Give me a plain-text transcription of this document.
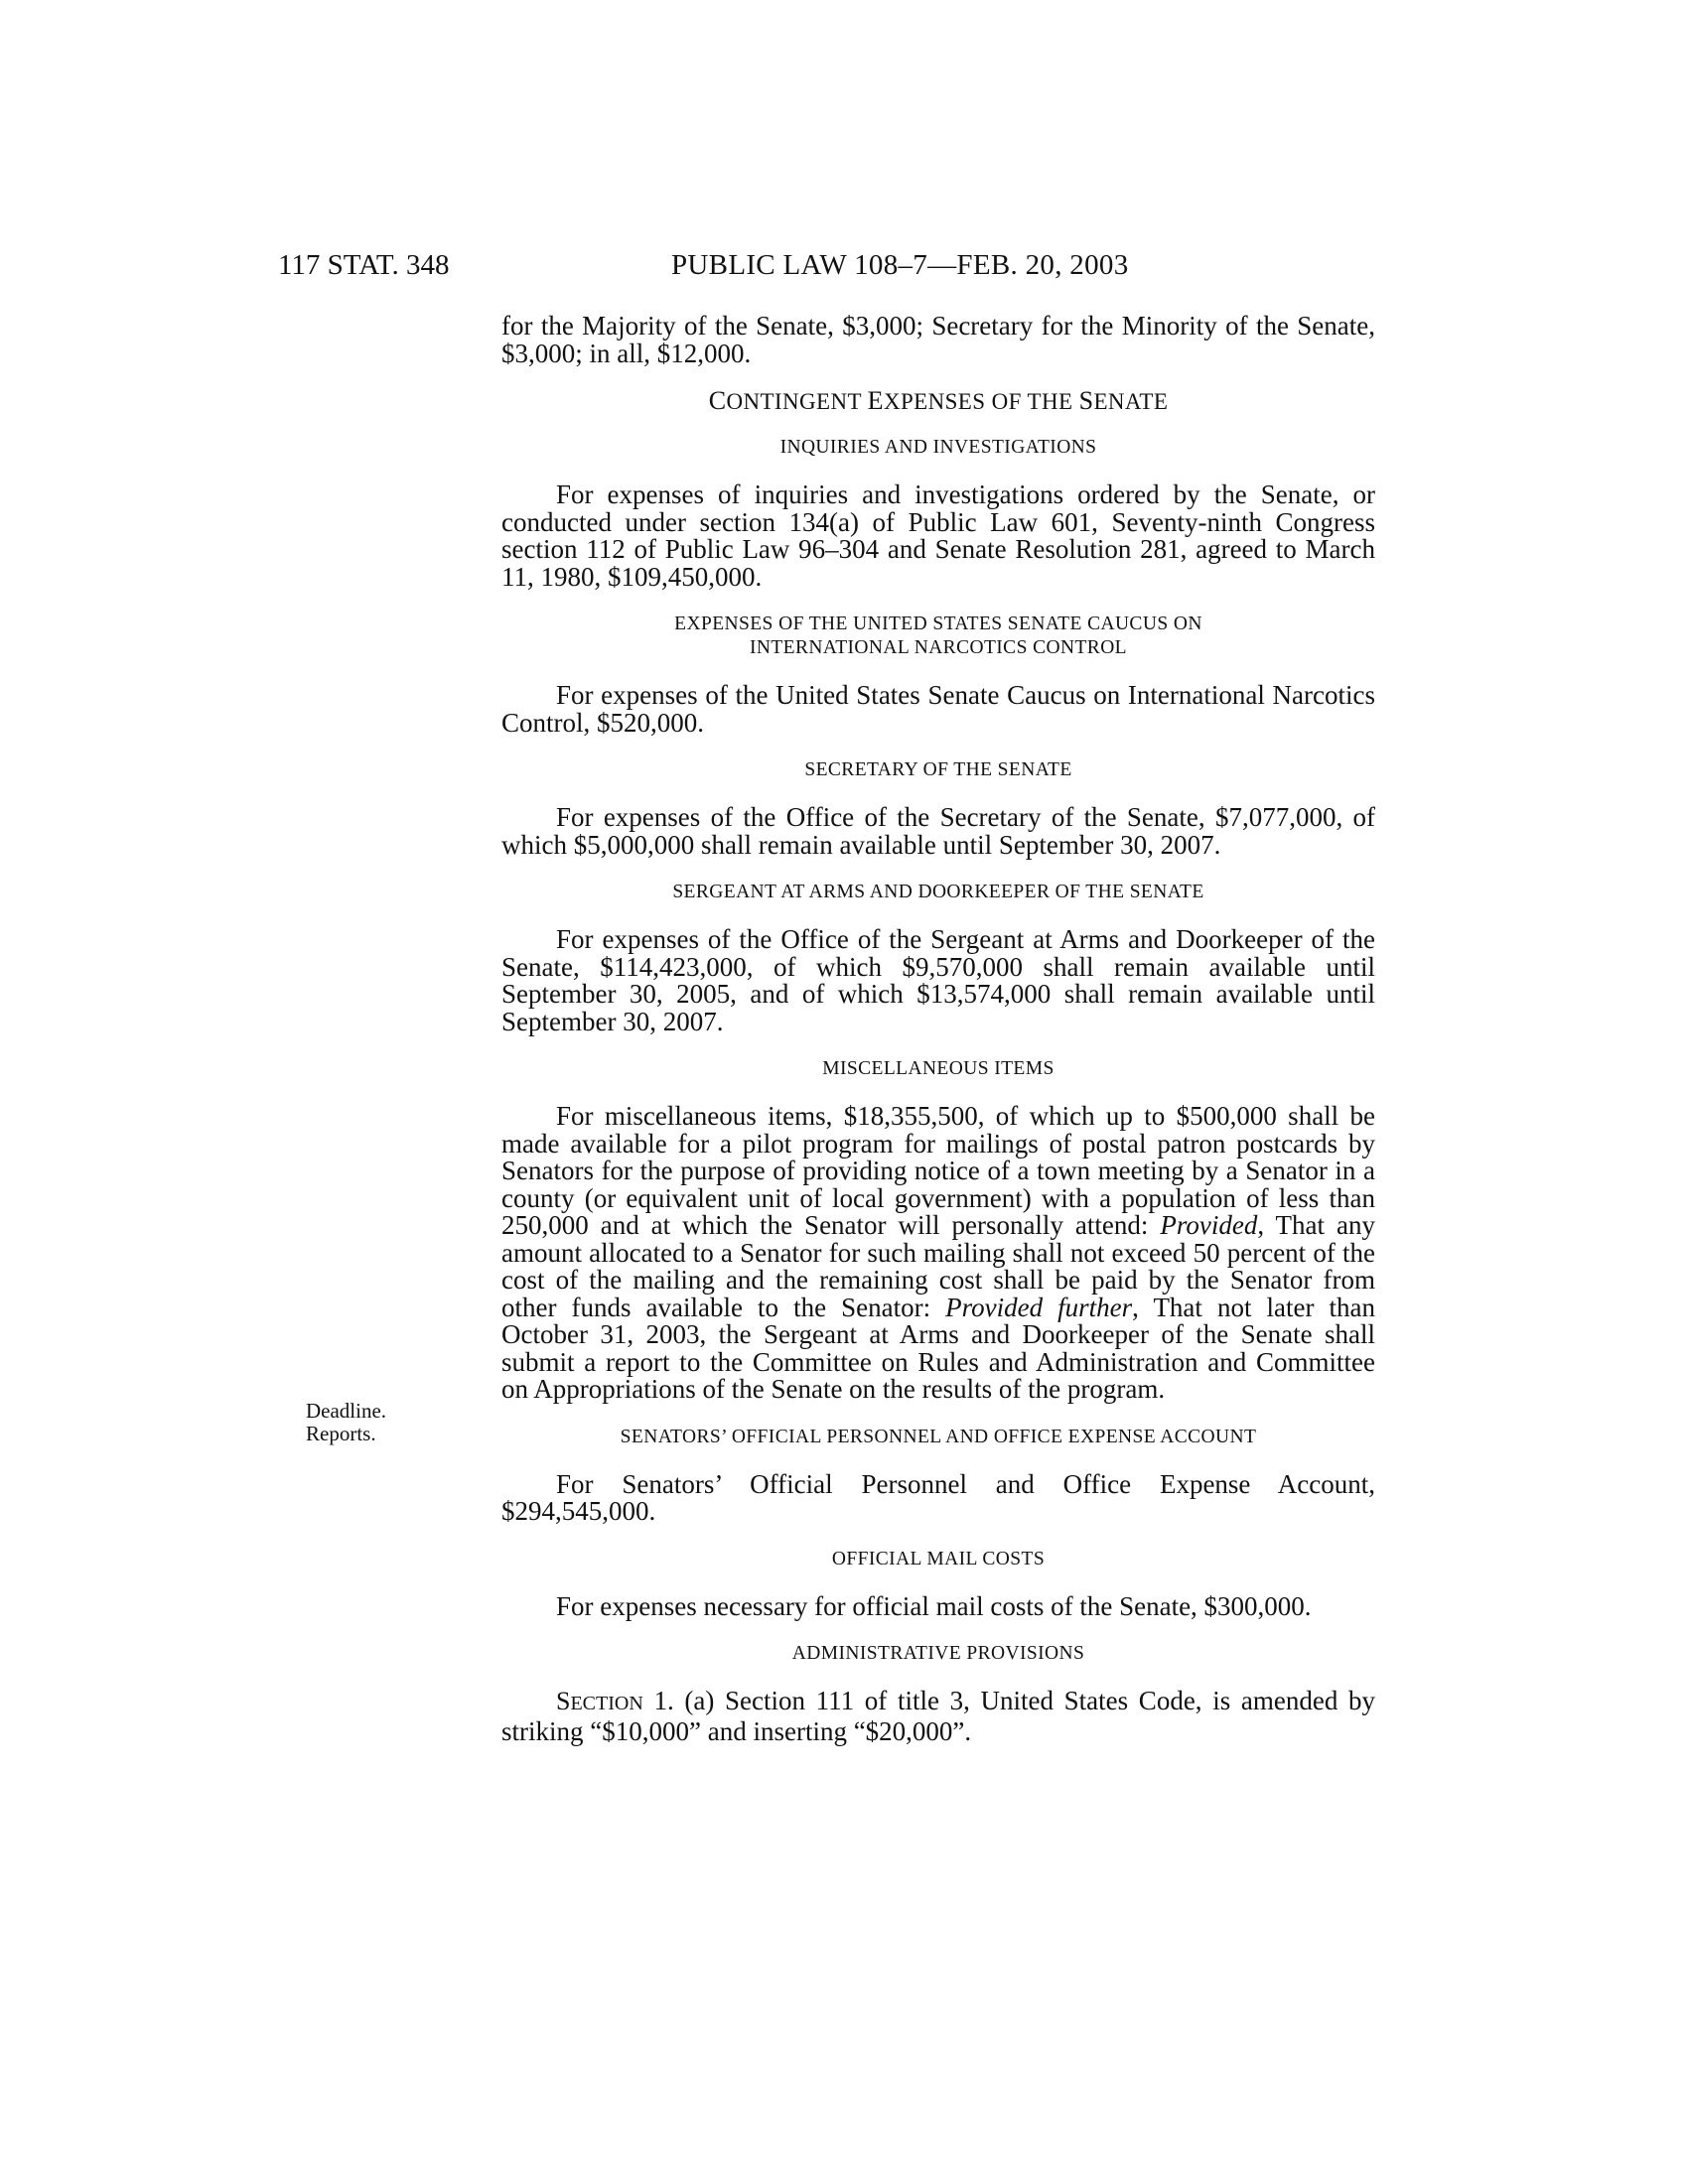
117 STAT. 348	PUBLIC LAW 108–7—FEB. 20, 2003

for the Majority of the Senate, $3,000; Secretary for the Minority of the Senate, $3,000; in all, $12,000.

CONTINGENT EXPENSES OF THE SENATE
INQUIRIES AND INVESTIGATIONS

For expenses of inquiries and investigations ordered by the Senate, or conducted under section 134(a) of Public Law 601, Seventy-ninth Congress section 112 of Public Law 96–304 and Senate Resolution 281, agreed to March 11, 1980, $109,450,000.

EXPENSES OF THE UNITED STATES SENATE CAUCUS ON
INTERNATIONAL NARCOTICS CONTROL

For expenses of the United States Senate Caucus on International Narcotics Control, $520,000.

SECRETARY OF THE SENATE

For expenses of the Office of the Secretary of the Senate, $7,077,000, of which $5,000,000 shall remain available until September 30, 2007.

SERGEANT AT ARMS AND DOORKEEPER OF THE SENATE

For expenses of the Office of the Sergeant at Arms and Doorkeeper of the Senate, $114,423,000, of which $9,570,000 shall remain available until September 30, 2005, and of which $13,574,000 shall remain available until September 30, 2007.

MISCELLANEOUS ITEMS

For miscellaneous items, $18,355,500, of which up to $500,000 shall be made available for a pilot program for mailings of postal patron postcards by Senators for the purpose of providing notice of a town meeting by a Senator in a county (or equivalent unit of local government) with a population of less than 250,000 and at which the Senator will personally attend: Provided, That any amount allocated to a Senator for such mailing shall not exceed 50 percent of the cost of the mailing and the remaining cost shall be paid by the Senator from other funds available to the Senator: Provided further, That not later than October 31, 2003, the Sergeant at Arms and Doorkeeper of the Senate shall submit a report to the Committee on Rules and Administration and Committee on Appropriations of the Senate on the results of the program.

SENATORS’ OFFICIAL PERSONNEL AND OFFICE EXPENSE ACCOUNT

For Senators’ Official Personnel and Office Expense Account, $294,545,000.

OFFICIAL MAIL COSTS

For expenses necessary for official mail costs of the Senate, $300,000.

ADMINISTRATIVE PROVISIONS

SECTION 1. (a) Section 111 of title 3, United States Code, is amended by striking “$10,000” and inserting “$20,000”.

Deadline.
Reports.
